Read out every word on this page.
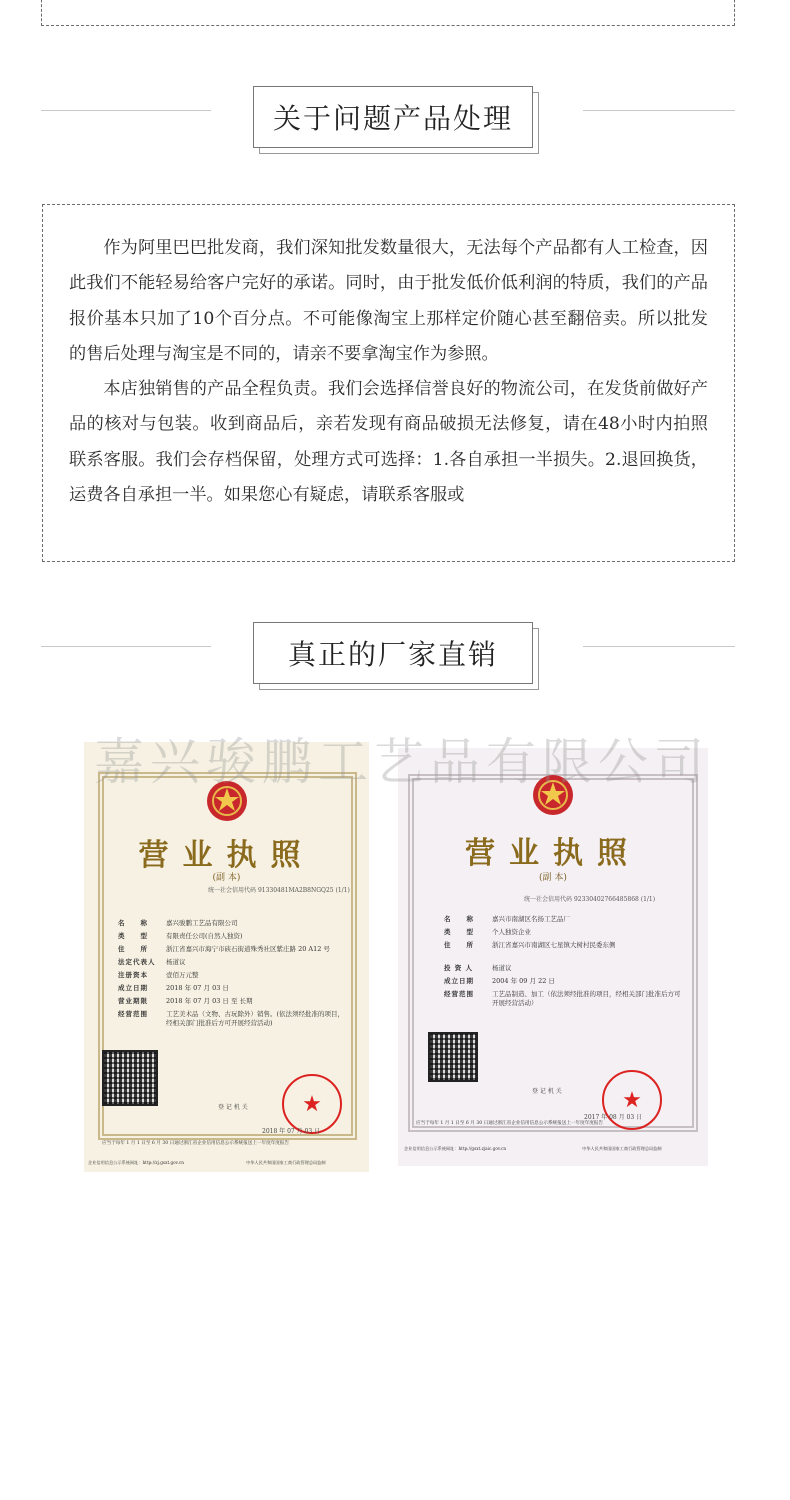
关于问题产品处理

作为阿里巴巴批发商，我们深知批发数量很大，无法每个产品都有人工检查，因此我们不能轻易给客户完好的承诺。同时，由于批发低价低利润的特质，我们的产品报价基本只加了10个百分点。不可能像淘宝上那样定价随心甚至翻倍卖。所以批发的售后处理与淘宝是不同的，请亲不要拿淘宝作为参照。

本店独销售的产品全程负责。我们会选择信誉良好的物流公司，在发货前做好产品的核对与包装。收到商品后，亲若发现有商品破损无法修复，请在48小时内拍照联系客服。我们会存档保留，处理方式可选择：1.各自承担一半损失。2.退回换货，运费各自承担一半。如果您心有疑虑，请联系客服或

真正的厂家直销
营业执照
(副 本)
统一社会信用代码 91330481MA2B8NGQ25 (1/1)
名　　称	嘉兴骏鹏工艺品有限公司
类　　型	有限责任公司(自然人独资)
住　　所	浙江省嘉兴市海宁市硖石街道殊秀社区紫庄路 20 A12 号
法定代表人	杨道议
注册资本	壹佰万元整
成立日期	2018 年 07 月 03 日
营业期限	2018 年 07 月 03 日 至 长期
经营范围	工艺美术品（文物、古玩除外）销售。(依法须经批准的项目，经相关部门批准后方可开展经营活动)
登 记 机 关	★
2018 年 07 月 03 日
应当于每年 1 月 1 日至 6 月 30 日通过浙江省企业信用信息公示系统报送上一年度年度报告
企业信用信息公示系统网址：http://zj.gsxt.gov.cn	中华人民共和国国家工商行政管理总局监制
营业执照
(副 本)
统一社会信用代码 92330402766485868 (1/1)
名　　称	嘉兴市南湖区名扬工艺品厂
类　　型	个人独资企业
住　　所	浙江省嘉兴市南湖区七星镇大树村民委东侧
投 资 人	杨道议
成立日期	2004 年 09 月 22 日
经营范围	工艺品制造、加工（依法须经批准的项目，经相关部门批准后方可开展经营活动）
登 记 机 关	★
2017 年 08 月 03 日
应当于每年 1 月 1 日至 6 月 30 日通过浙江省企业信用信息公示系统报送上一年度年度报告
企业信用信息公示系统网址：http://gsxt.zjaic.gov.cn	中华人民共和国国家工商行政管理总局监制
嘉兴骏鹏工艺品有限公司
